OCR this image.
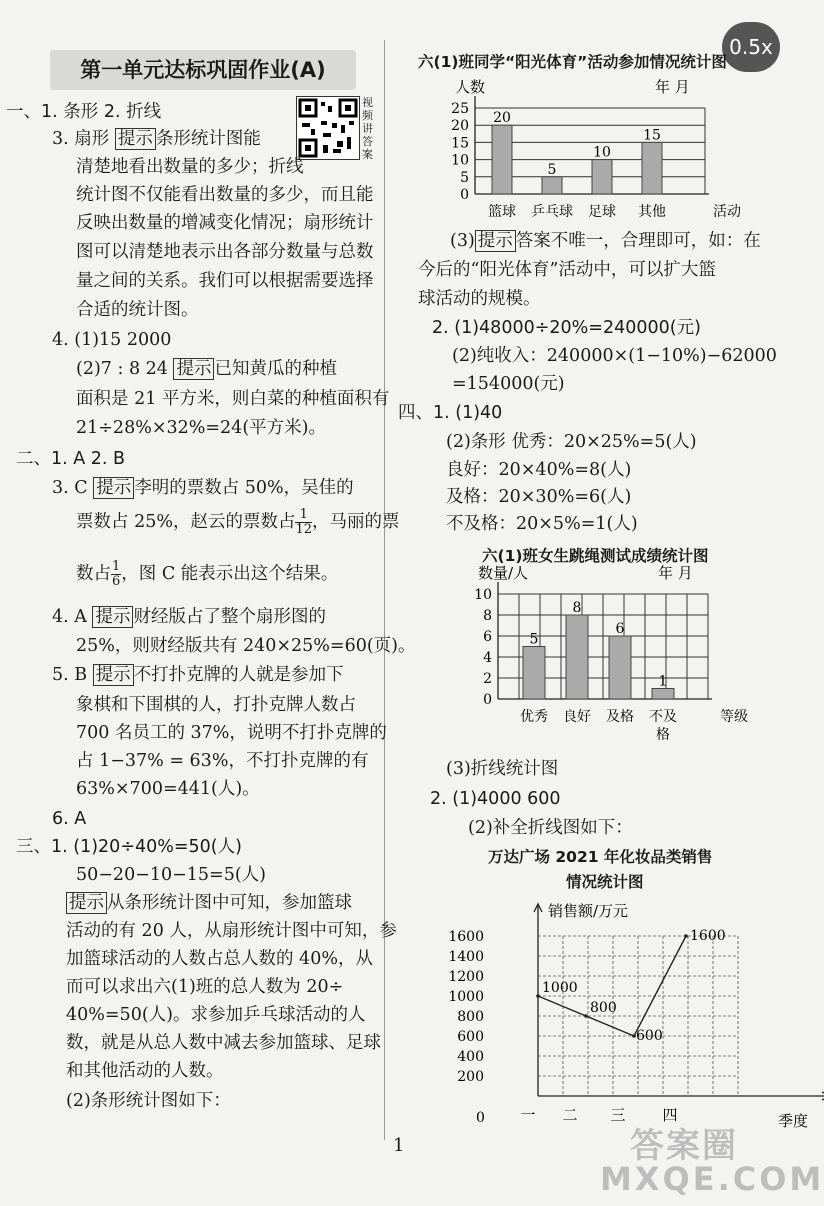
第一单元达标巩固作业(A)
0.5x
视频讲答案
一、1. 条形 2. 折线
3. 扇形 提示 条形统计图能
清楚地看出数量的多少；折线
统计图不仅能看出数量的多少，而且能
反映出数量的增减变化情况；扇形统计
图可以清楚地表示出各部分数量与总数
量之间的关系。我们可以根据需要选择
合适的统计图。
4. (1)15 2000
(2)7 : 8 24 提示 已知黄瓜的种植
面积是 21 平方米，则白菜的种植面积有
21÷28%×32%=24(平方米)。
二、1. A 2. B
3. C 提示 李明的票数占 50%，吴佳的
票数占 25%，赵云的票数占 $\frac{1}{12}$ ，马丽的票
数占 $\frac{1}{6}$ ，图 C 能表示出这个结果。
4. A 提示 财经版占了整个扇形图的
25%，则财经版共有 240×25%=60(页)。
5. B 提示 不打扑克牌的人就是参加下
象棋和下围棋的人，打扑克牌人数占
700 名员工的 37%，说明不打扑克牌的
占 1−37% = 63%，不打扑克牌的有
63%×700=441(人)。
6. A
三、1. (1)20÷40%=50(人)
50−20−10−15=5(人)
提示 从条形统计图中可知，参加篮球
活动的有 20 人，从扇形统计图中可知，参
加篮球活动的人数占总人数的 40%，从
而可以求出六(1)班的总人数为 20÷
40%=50(人)。求参加乒乓球活动的人
数，就是从总人数中减去参加篮球、足球
和其他活动的人数。
(2)条形统计图如下：
六(1)班同学“阳光体育”活动参加情况统计图
0
5
10
15
20
25
人数	年 月
20
篮球
5
乒乓球
10
足球
15
其他	活动
(3) 提示 答案不唯一，合理即可，如：在
今后的“阳光体育”活动中，可以扩大篮
球活动的规模。
2. (1)48000÷20%=240000(元)
(2)纯收入：240000×(1−10%)−62000
=154000(元)
四、1. (1)40
(2)条形 优秀：20×25%=5(人)
良好：20×40%=8(人)
及格：20×30%=6(人)
不及格：20×5%=1(人)
六(1)班女生跳绳测试成绩统计图
0
2
4
6
8
10
数量/人	年 月
5
优秀
8
良好
6
及格
1
不及
格
等级
(3)折线统计图
2. (1)4000 600
(2)补全折线图如下：
万达广场 2021 年化妆品类销售
情况统计图
200
400
600
800
1000
1200
1400
1600
0
销售额/万元
一 二 三 四	季度
1000
800
600
1600
1	答案圈
MXQE.COM
